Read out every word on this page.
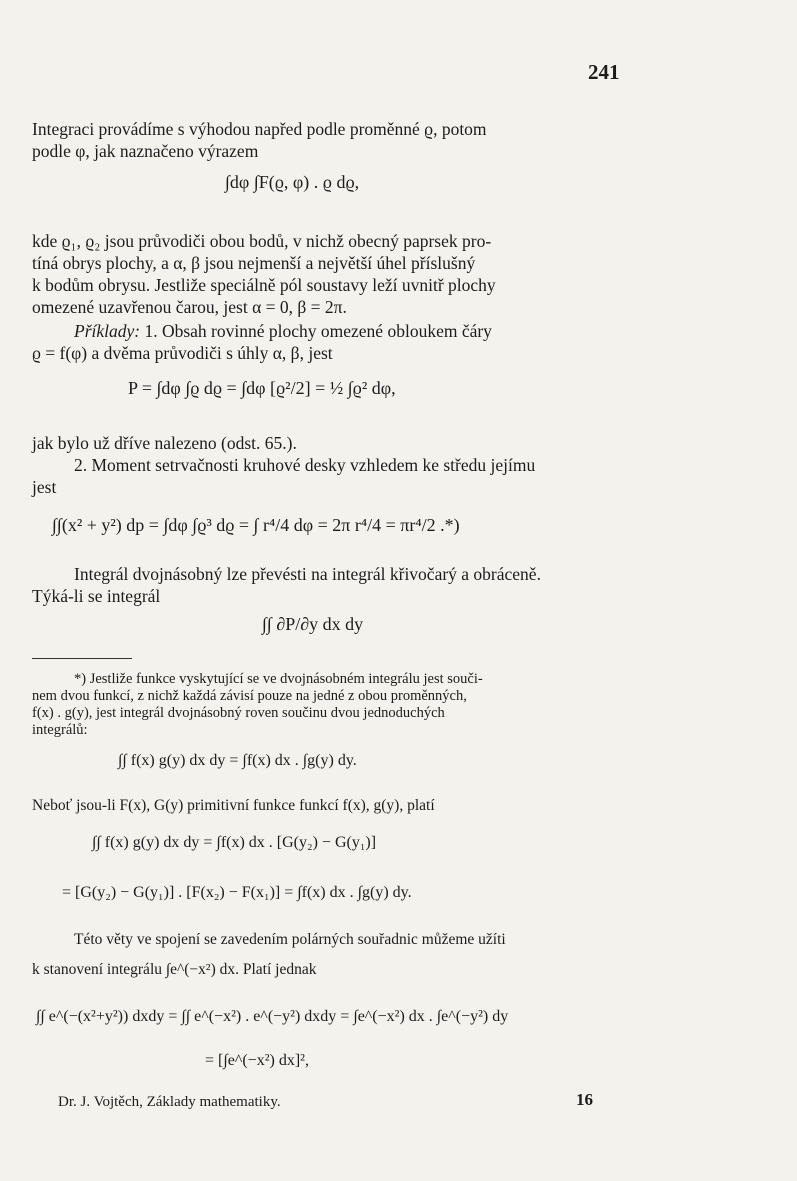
241
Integraci provádíme s výhodou napřed podle proměnné ϱ, potom
podle φ, jak naznačeno výrazem
∫dφ ∫F(ϱ, φ) . ϱ dϱ,
kde ϱ₁, ϱ₂ jsou průvodiči obou bodů, v nichž obecný paprsek pro-
tíná obrys plochy, a α, β jsou nejmenší a největší úhel příslušný
k bodům obrysu. Jestliže speciálně pól soustavy leží uvnitř plochy
omezené uzavřenou čarou, jest α = 0, β = 2π.
Příklady: 1. Obsah rovinné plochy omezené obloukem čáry
ϱ = f(φ) a dvěma průvodiči s úhly α, β, jest
P = ∫dφ ∫ϱ dϱ = ∫dφ [ϱ²/2] = ½ ∫ϱ² dφ,
jak bylo už dříve nalezeno (odst. 65.).
2. Moment setrvačnosti kruhové desky vzhledem ke středu jejímu
jest
∫∫(x² + y²) dp = ∫dφ ∫ϱ³ dϱ = ∫ r⁴/4 dφ = 2π r⁴/4 = πr⁴/2 .*)
Integrál dvojnásobný lze převésti na integrál křivočarý a obráceně.
Týká-li se integrál
∫∫ ∂P/∂y dx dy
*) Jestliže funkce vyskytující se ve dvojnásobném integrálu jest souči-
nem dvou funkcí, z nichž každá závisí pouze na jedné z obou proměnných,
f(x) . g(y), jest integrál dvojnásobný roven součinu dvou jednoduchých
integrálů:
∫∫ f(x) g(y) dx dy = ∫f(x) dx . ∫g(y) dy.
Neboť jsou-li F(x), G(y) primitivní funkce funkcí f(x), g(y), platí
∫∫ f(x) g(y) dx dy = ∫f(x) dx . [G(y₂) − G(y₁)]
= [G(y₂) − G(y₁)] . [F(x₂) − F(x₁)] = ∫f(x) dx . ∫g(y) dy.
Této věty ve spojení se zavedením polárných souřadnic můžeme užíti
k stanovení integrálu ∫e^(−x²) dx. Platí jednak
∫∫ e^(−(x²+y²)) dxdy = ∫∫ e^(−x²) . e^(−y²) dxdy = ∫e^(−x²) dx . ∫e^(−y²) dy
= [∫e^(−x²) dx]²,
Dr. J. Vojtěch, Základy mathematiky.	16
